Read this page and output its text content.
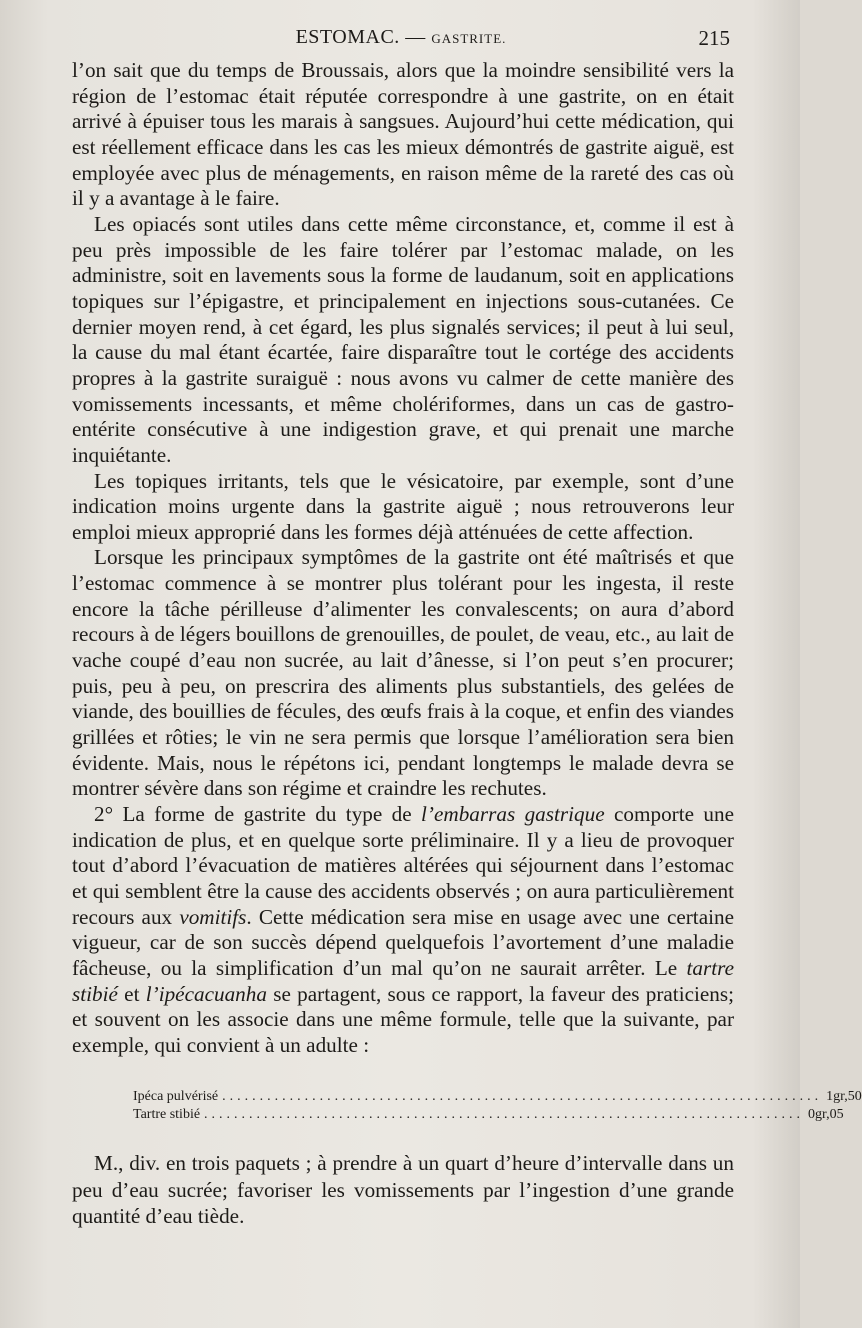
ESTOMAC. — GASTRITE.	215

l’on sait que du temps de Broussais, alors que la moindre sensibilité vers la région de l’estomac était réputée correspondre à une gastrite, on en était arrivé à épuiser tous les marais à sangsues. Aujourd’hui cette médication, qui est réellement efficace dans les cas les mieux démontrés de gastrite aiguë, est employée avec plus de ménagements, en raison même de la rareté des cas où il y a avantage à le faire.

Les opiacés sont utiles dans cette même circonstance, et, comme il est à peu près impossible de les faire tolérer par l’estomac malade, on les administre, soit en lavements sous la forme de laudanum, soit en applications topiques sur l’épigastre, et principalement en injections sous-cutanées. Ce dernier moyen rend, à cet égard, les plus signalés services; il peut à lui seul, la cause du mal étant écartée, faire disparaître tout le cortége des accidents propres à la gastrite suraiguë : nous avons vu calmer de cette manière des vomissements incessants, et même cholériformes, dans un cas de gastro-entérite consécutive à une indigestion grave, et qui prenait une marche inquiétante.

Les topiques irritants, tels que le vésicatoire, par exemple, sont d’une indication moins urgente dans la gastrite aiguë ; nous retrouverons leur emploi mieux approprié dans les formes déjà atténuées de cette affection.

Lorsque les principaux symptômes de la gastrite ont été maîtrisés et que l’estomac commence à se montrer plus tolérant pour les ingesta, il reste encore la tâche périlleuse d’alimenter les convalescents; on aura d’abord recours à de légers bouillons de grenouilles, de poulet, de veau, etc., au lait de vache coupé d’eau non sucrée, au lait d’ânesse, si l’on peut s’en procurer; puis, peu à peu, on prescrira des aliments plus substantiels, des gelées de viande, des bouillies de fécules, des œufs frais à la coque, et enfin des viandes grillées et rôties; le vin ne sera permis que lorsque l’amélioration sera bien évidente. Mais, nous le répétons ici, pendant longtemps le malade devra se montrer sévère dans son régime et craindre les rechutes.

2° La forme de gastrite du type de l’embarras gastrique comporte une indication de plus, et en quelque sorte préliminaire. Il y a lieu de provoquer tout d’abord l’évacuation de matières altérées qui séjournent dans l’estomac et qui semblent être la cause des accidents observés ; on aura particulièrement recours aux vomitifs. Cette médication sera mise en usage avec une certaine vigueur, car de son succès dépend quelquefois l’avortement d’une maladie fâcheuse, ou la simplification d’un mal qu’on ne saurait arrêter. Le tartre stibié et l’ipécacuanha se partagent, sous ce rapport, la faveur des praticiens; et souvent on les associe dans une même formule, telle que la suivante, par exemple, qui convient à un adulte :

Ipéca pulvérisé ................................................................................ 1gr,50
Tartre stibié ................................................................................ 0gr,05

M., div. en trois paquets ; à prendre à un quart d’heure d’intervalle dans un peu d’eau sucrée; favoriser les vomissements par l’ingestion d’une grande quantité d’eau tiède.
